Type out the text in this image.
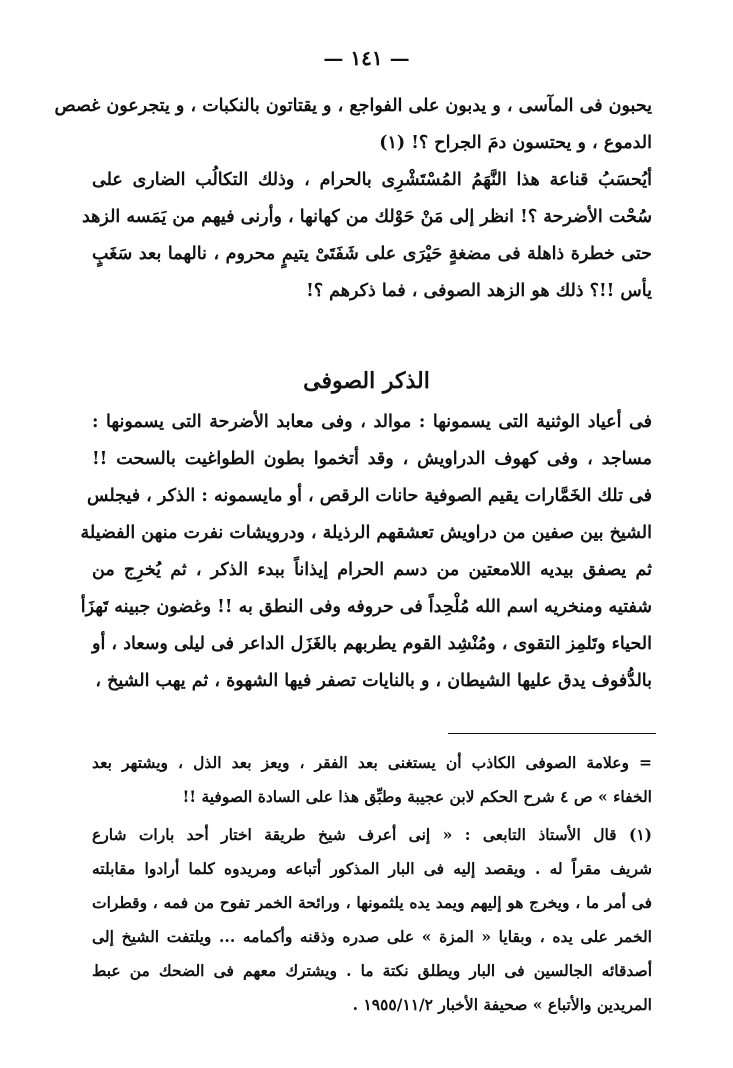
— ١٤١ —
يحبون فى المآسى ، و يدبون على الفواجع ، و يقتاتون بالنكبات ، و يتجرعون غصص
الدموع ، و يحتسون دمَ الجراح ؟! (١)
أيُحسَبُ قناعة هذا النَّهَمُ المُسْتَشْرِى بالحرام ، وذلك التكالُب الضارى على
سُحْت الأضرحة ؟! انظر إلى مَنْ حَوْلك من كهانها ، وأرنى فيهم من يَمَسه الزهد
حتى خطرة ذاهلة فى مضغةٍ حَيْرَى على شَفَتَىْ يتيمٍ محروم ، نالهما بعد سَغَبٍ
يأس !!؟ ذلك هو الزهد الصوفى ، فما ذكرهم ؟!
الذكر الصوفى
فى أعياد الوثنية التى يسمونها : موالد ، وفى معابد الأضرحة التى يسمونها :
مساجد ، وفى كهوف الدراويش ، وقد أتخموا بطون الطواغيت بالسحت !!
فى تلك الخَمَّارات يقيم الصوفية حانات الرقص ، أو مايسمونه : الذكر ، فيجلس
الشيخ بين صفين من دراويش تعشقهم الرذيلة ، ودرويشات نفرت منهن الفضيلة
ثم يصفق بيديه اللامعتين من دسم الحرام إيذاناً ببدء الذكر ، ثم يُخرِج من
شفتيه ومنخريه اسم الله مُلْحِداً فى حروفه وفى النطق به !! وغضون جبينه تَهزَأ
الحياء وتَلمِز التقوى ، ومُنْشِد القوم يطربهم بالغَزَل الداعر فى ليلى وسعاد ، أو
بالدُّفوف يدق عليها الشيطان ، و بالنايات تصفر فيها الشهوة ، ثم يهب الشيخ ،
= وعلامة الصوفى الكاذب أن يستغنى بعد الفقر ، ويعز بعد الذل ، ويشتهر بعد
الخفاء » ص ٤ شرح الحكم لابن عجيبة وطبِّق هذا على السادة الصوفية !!
(١) قال الأستاذ التابعى : « إنى أعرف شيخ طريقة اختار أحد بارات شارع
شريف مقراً له . ويقصد إليه فى البار المذكور أتباعه ومريدوه كلما أرادوا مقابلته
فى أمر ما ، ويخرج هو إليهم ويمد يده يلثمونها ، ورائحة الخمر تفوح من فمه ، وقطرات
الخمر على يده ، وبقايا « المزة » على صدره وذقنه وأكمامه ... ويلتفت الشيخ إلى
أصدقائه الجالسين فى البار ويطلق نكتة ما . ويشترك معهم فى الضحك من عبط
المريدين والأتباع » صحيفة الأخبار ١٩٥٥/١١/٢ .
